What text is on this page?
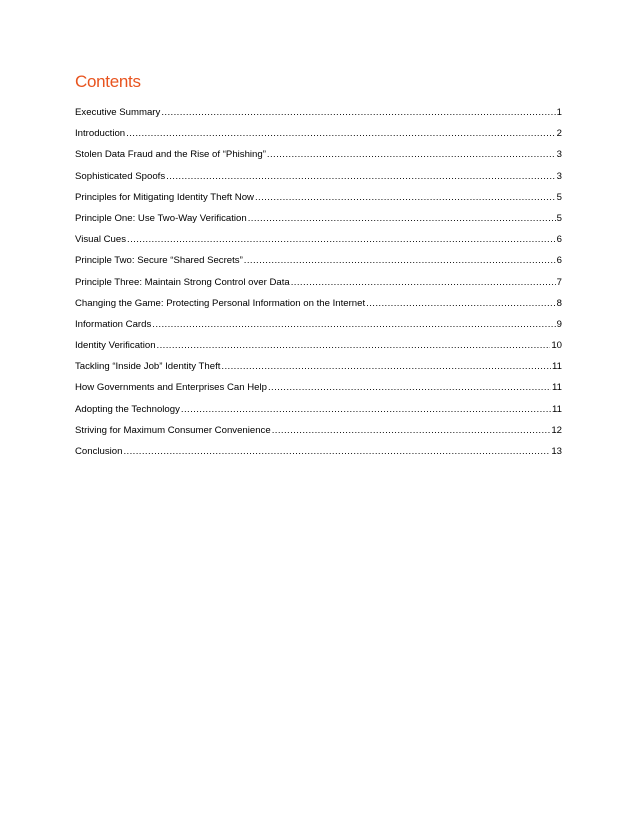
Contents
Executive Summary .....	1
Introduction .....	2
Stolen Data Fraud and the Rise of “Phishing” .....	3
Sophisticated Spoofs .....	3
Principles for Mitigating Identity Theft Now .....	5
Principle One: Use Two-Way Verification .....	5
Visual Cues .....	6
Principle Two: Secure “Shared Secrets” .....	6
Principle Three: Maintain Strong Control over Data .....	7
Changing the Game: Protecting Personal Information on the Internet .....	8
Information Cards .....	9
Identity Verification .....	10
Tackling “Inside Job” Identity Theft .....	11
How Governments and Enterprises Can Help .....	11
Adopting the Technology .....	11
Striving for Maximum Consumer Convenience .....	12
Conclusion .....	13
